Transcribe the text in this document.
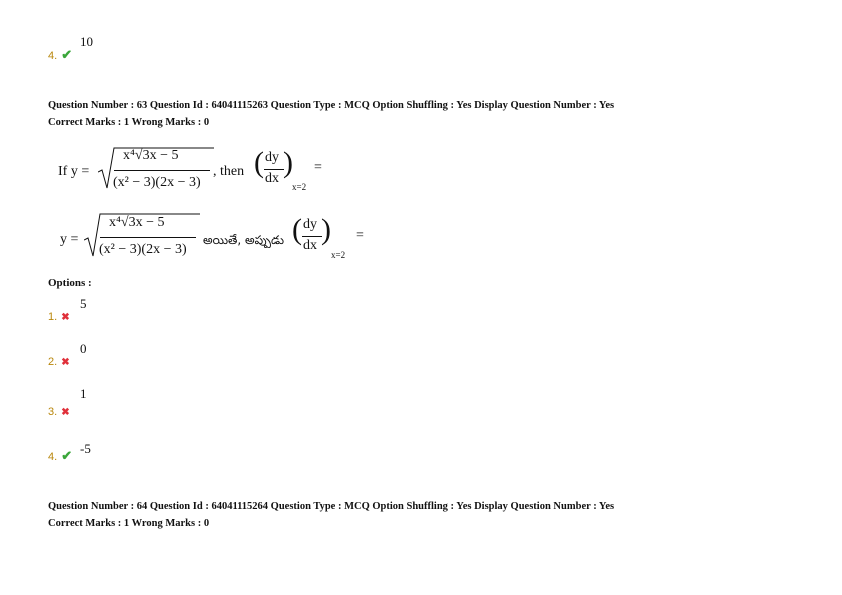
4. ✔
10
Question Number : 63 Question Id : 64041115263 Question Type : MCQ Option Shuffling : Yes Display Question Number : Yes
Correct Marks : 1 Wrong Marks : 0
If y =
x⁴√3x − 5
(x² − 3)(2x − 3)
, then ( dy
dx )
x=2
=
y =
x⁴√3x − 5
(x² − 3)(2x − 3)
అయితే, అప్పుడు ( dy
dx )
x=2
=
Options :
1. ✖
5
2. ✖
0
3. ✖
1
4. ✔ -5
Question Number : 64 Question Id : 64041115264 Question Type : MCQ Option Shuffling : Yes Display Question Number : Yes
Correct Marks : 1 Wrong Marks : 0
